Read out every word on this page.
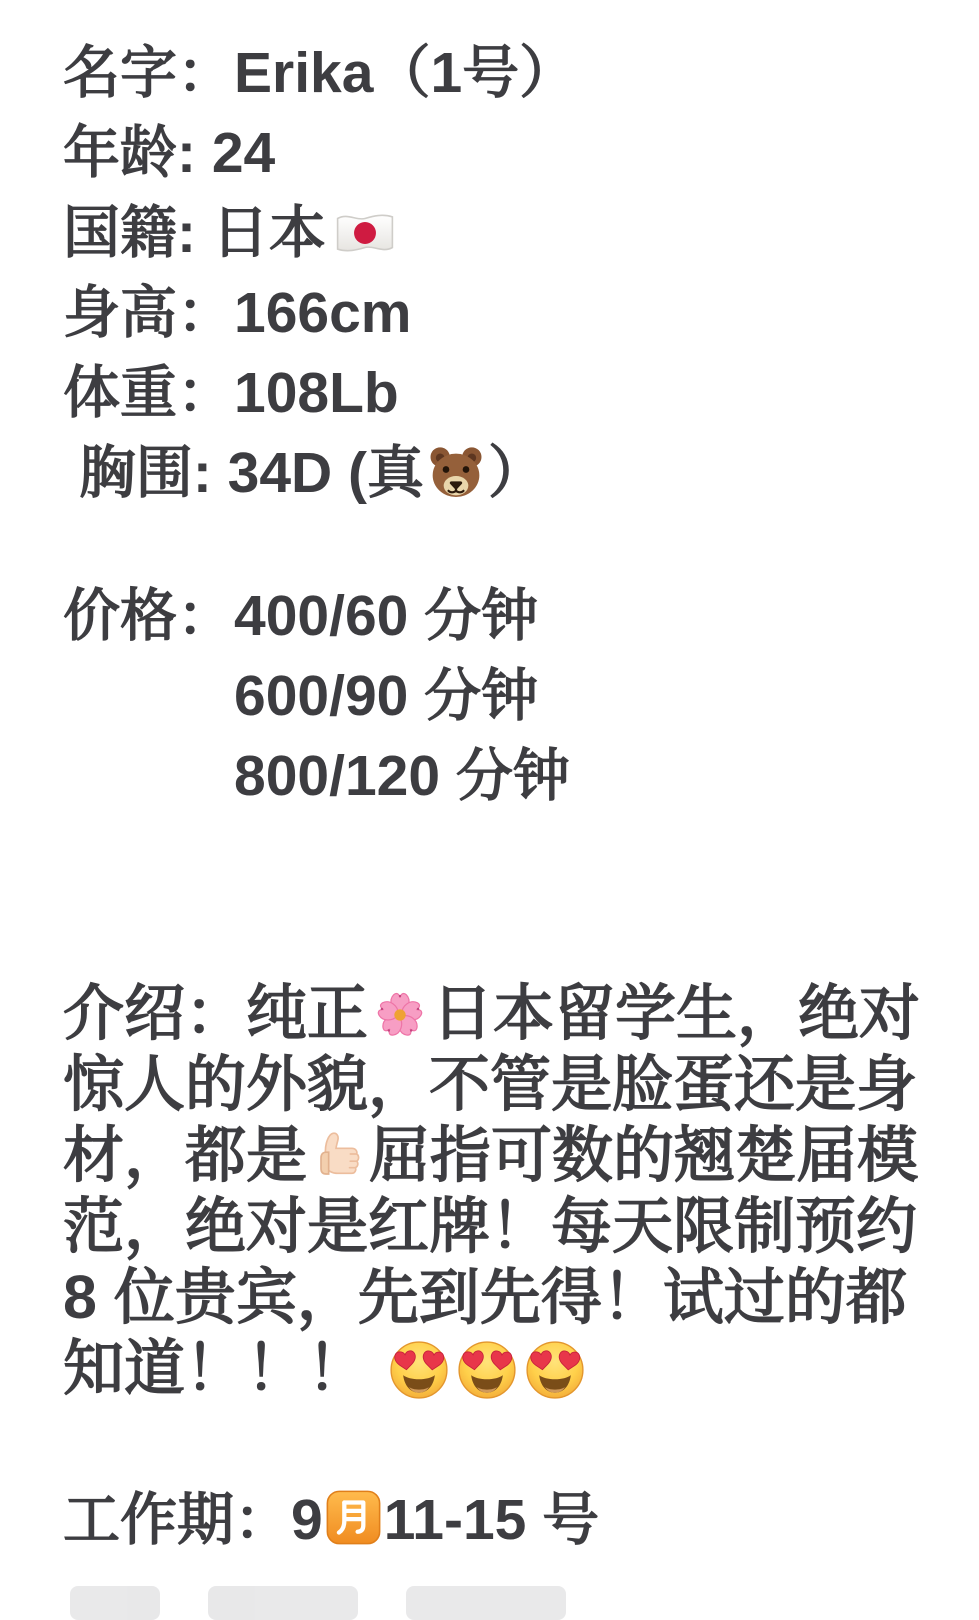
名字：Erika（1号）
年龄: 24
国籍: 日本
身高：166cm
体重：108Lb
胸围: 34D (真 ）
价格： 400/60 分钟
600/90 分钟
800/120 分钟
介绍：纯正 日本留学生，绝对
惊人的外貌，不管是脸蛋还是身
材，都是 屈指可数的翘楚届模
范，绝对是红牌！每天限制预约
8 位贵宾，先到先得！试过的都
知道！！！
工作期：9 11-15 号
